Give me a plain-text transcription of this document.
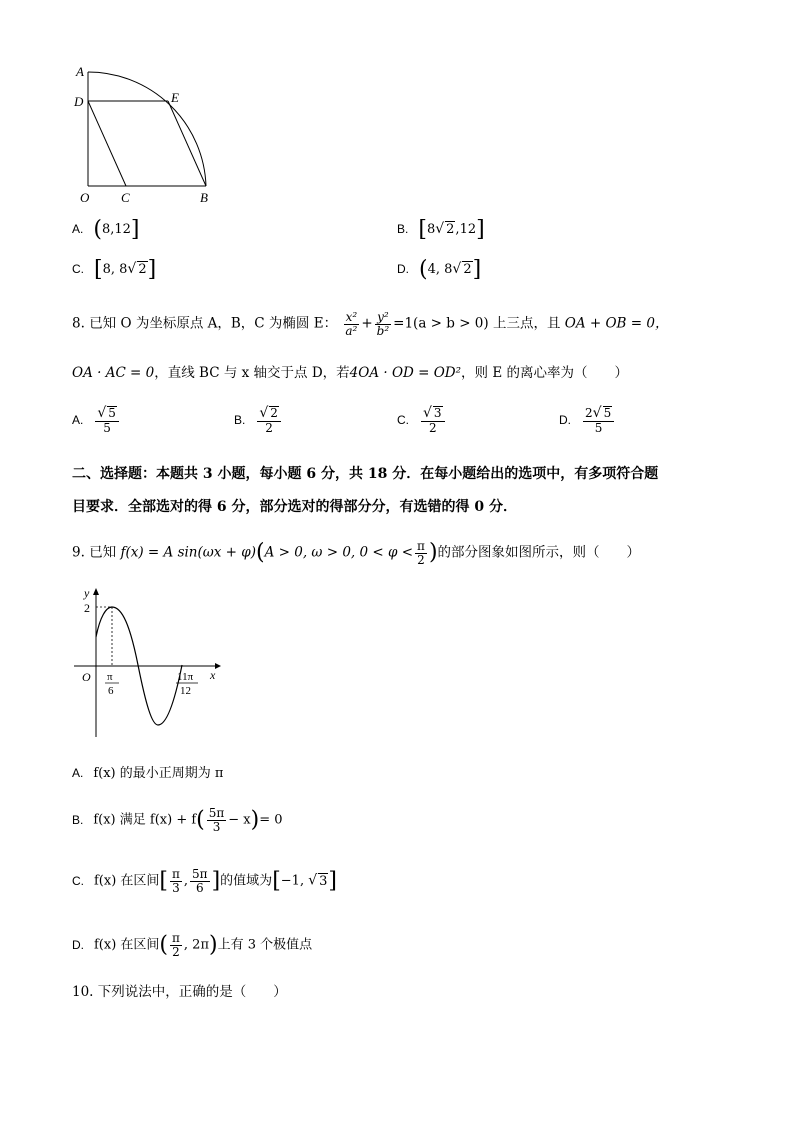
A
D	E
O C	B
A. (8,12]	B. [8√ 2,12]
C. [8, 8√ 2]	D. (4, 8√ 2]
8. 已知 O 为坐标原点 A，B，C 为椭圆 E： $\frac{\text{x²}}{\text{a²}} + \frac{\text{y²}}{\text{b²}} =1(a > b > 0)$ 上三点，且 OA + OB = 0，
OA · AC = 0，直线 BC 与 x 轴交于点 D，若4OA · OD = OD²，则 E 的离心率为（　　）
A. $\frac{√ 5}{5}$	B. $\frac{√ 2}{2}$	C. $\frac{√ 3}{2}$	D. $\frac{2√ 5}{5}$
二、选择题：本题共 3 小题，每小题 6 分，共 18 分．在每小题给出的选项中，有多项符合题
目要求．全部选对的得 6 分，部分选对的得部分分，有选错的得 0 分．
9. 已知 f(x) = A sin(ωx + φ)(A > 0, ω > 0, $0 < \varphi < \frac{\pi}{2}$ )的部分图象如图所示，则（　　）
y
2
O	x
π
6
11π
12
A. f(x) 的最小正周期为 π
B. f(x) 满足 $f(x) + f( \frac{5\pi}{3} - x)= 0$
C. f(x) 在区间[ $\frac{\pi}{3}$ , $\frac{5\pi}{6}$ ]的值域为[−1, √ 3]
D. f(x) 在区间( $\frac{\pi}{2}$ , 2π)上有 3 个极值点
10. 下列说法中，正确的是（　　）
